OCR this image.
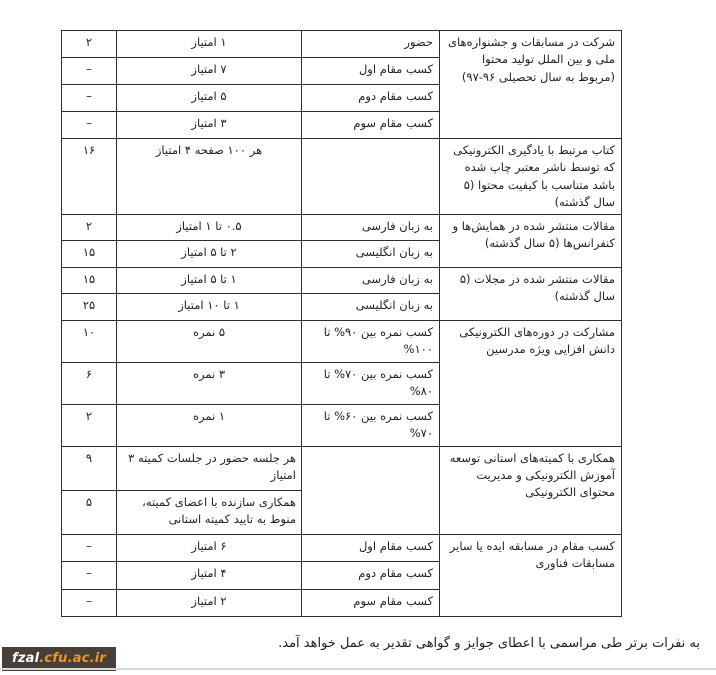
شرکت در مسابقات و جشنواره‌های ملی و بین الملل تولید محتوا (مربوط به سال تحصیلی ۹۶-۹۷)	حضور	۱ امتیاز	۲
	کسب مقام اول	۷ امتیاز	–
	کسب مقام دوم	۵ امتیاز	–
	کسب مقام سوم	۳ امتیاز	–
کتاب مرتبط با یادگیری الکترونیکی که توسط ناشر معتبر چاپ شده باشد متناسب با کیفیت محتوا (۵ سال گذشته)		هر ۱۰۰ صفحه ۴ امتیاز	۱۶
مقالات منتشر شده در همایش‌ها و کنفرانس‌ها (۵ سال گذشته)	به زبان فارسی	۰.۵ تا ۱ امتیاز	۲
	به زبان انگلیسی	۲ تا ۵ امتیاز	۱۵
مقالات منتشر شده در مجلات (۵ سال گذشته)	به زبان فارسی	۱ تا ۵ امتیاز	۱۵
	به زبان انگلیسی	۱ تا ۱۰ امتیاز	۲۵
مشارکت در دوره‌های الکترونیکی دانش افزایی ویژه مدرسین	کسب نمره بین ۹۰% تا ۱۰۰%	۵ نمره	۱۰
	کسب نمره بین ۷۰% تا ۸۰%	۳ نمره	۶
	کسب نمره بین ۶۰% تا ۷۰%	۱ نمره	۲
همکاری با کمیته‌های استانی توسعه آموزش الکترونیکی و مدیریت محتوای الکترونیکی		هر جلسه حضور در جلسات کمیته ۳ امتیاز	۹
		همکاری سازنده با اعضای کمیته، منوط به تایید کمیته استانی	۵
کسب مقام در مسابقه ایده یا سایر مسابقات فناوری	کسب مقام اول	۶ امتیاز	–
	کسب مقام دوم	۴ امتیاز	–
	کسب مقام سوم	۲ امتیاز	–
به نفرات برتر طی مراسمی با اعطای جوایز و گواهی تقدیر به عمل خواهد آمد.
fzal .cfu.ac.ir
